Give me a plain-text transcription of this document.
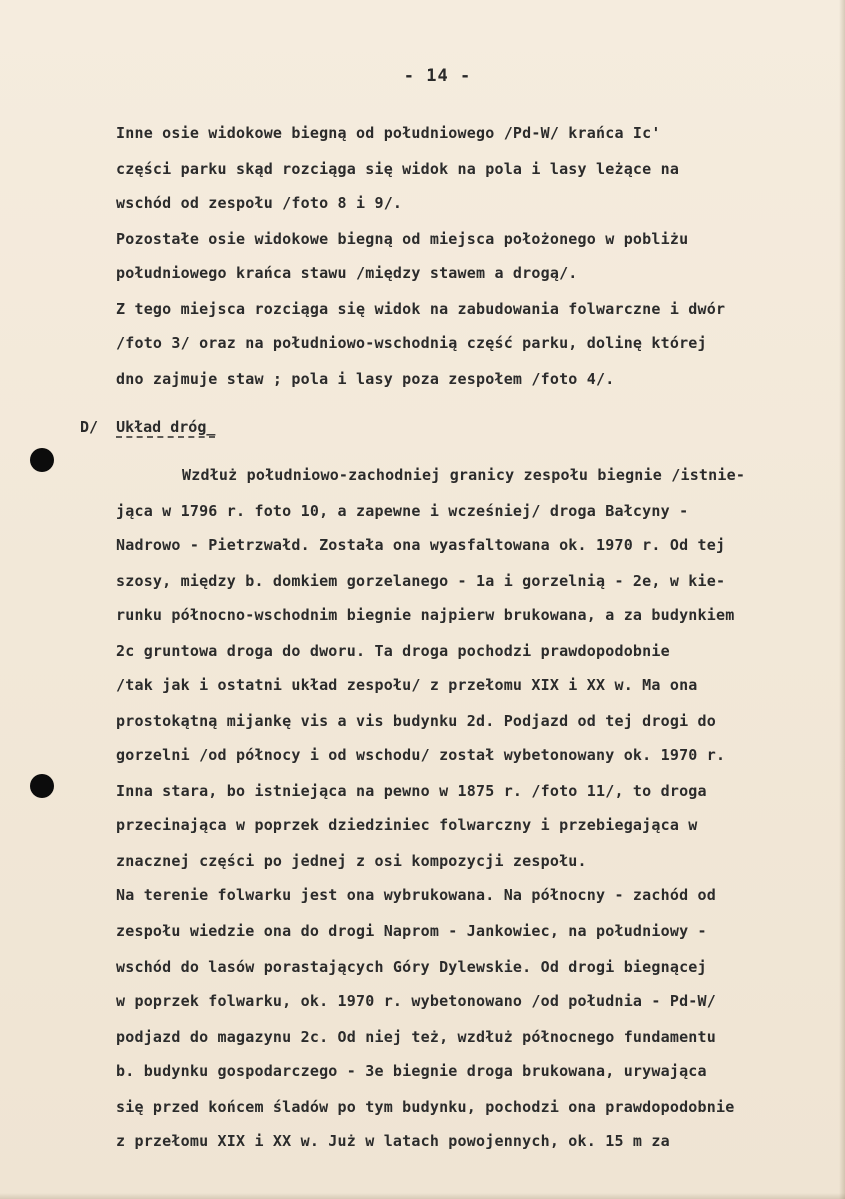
- 14 -
Inne osie widokowe biegną od południowego /Pd-W/ krańca Ic'
części parku skąd rozciąga się widok na pola i lasy leżące na
wschód od zespołu /foto 8 i 9/.
Pozostałe osie widokowe biegną od miejsca położonego w pobliżu
południowego krańca stawu /między stawem a drogą/.
Z tego miejsca rozciąga się widok na zabudowania folwarczne i dwór
/foto 3/ oraz na południowo-wschodnią część parku, dolinę której
dno zajmuje staw ; pola i lasy poza zespołem /foto 4/.
D/ Układ dróg_
Wzdłuż południowo-zachodniej granicy zespołu biegnie /istnie-
jąca w 1796 r. foto 10, a zapewne i wcześniej/ droga Bałcyny -
Nadrowo - Pietrzwałd. Została ona wyasfaltowana ok. 1970 r. Od tej
szosy, między b. domkiem gorzelanego - 1a i gorzelnią - 2e, w kie-
runku północno-wschodnim biegnie najpierw brukowana, a za budynkiem
2c gruntowa droga do dworu. Ta droga pochodzi prawdopodobnie
/tak jak i ostatni układ zespołu/ z przełomu XIX i XX w. Ma ona
prostokątną mijankę vis a vis budynku 2d. Podjazd od tej drogi do
gorzelni /od północy i od wschodu/ został wybetonowany ok. 1970 r.
Inna stara, bo istniejąca na pewno w 1875 r. /foto 11/, to droga
przecinająca w poprzek dziedziniec folwarczny i przebiegająca w
znacznej części po jednej z osi kompozycji zespołu.
Na terenie folwarku jest ona wybrukowana. Na północny - zachód od
zespołu wiedzie ona do drogi Naprom - Jankowiec, na południowy -
wschód do lasów porastających Góry Dylewskie. Od drogi biegnącej
w poprzek folwarku, ok. 1970 r. wybetonowano /od południa - Pd-W/
podjazd do magazynu 2c. Od niej też, wzdłuż północnego fundamentu
b. budynku gospodarczego - 3e biegnie droga brukowana, urywająca
się przed końcem śladów po tym budynku, pochodzi ona prawdopodobnie
z przełomu XIX i XX w. Już w latach powojennych, ok. 15 m za
